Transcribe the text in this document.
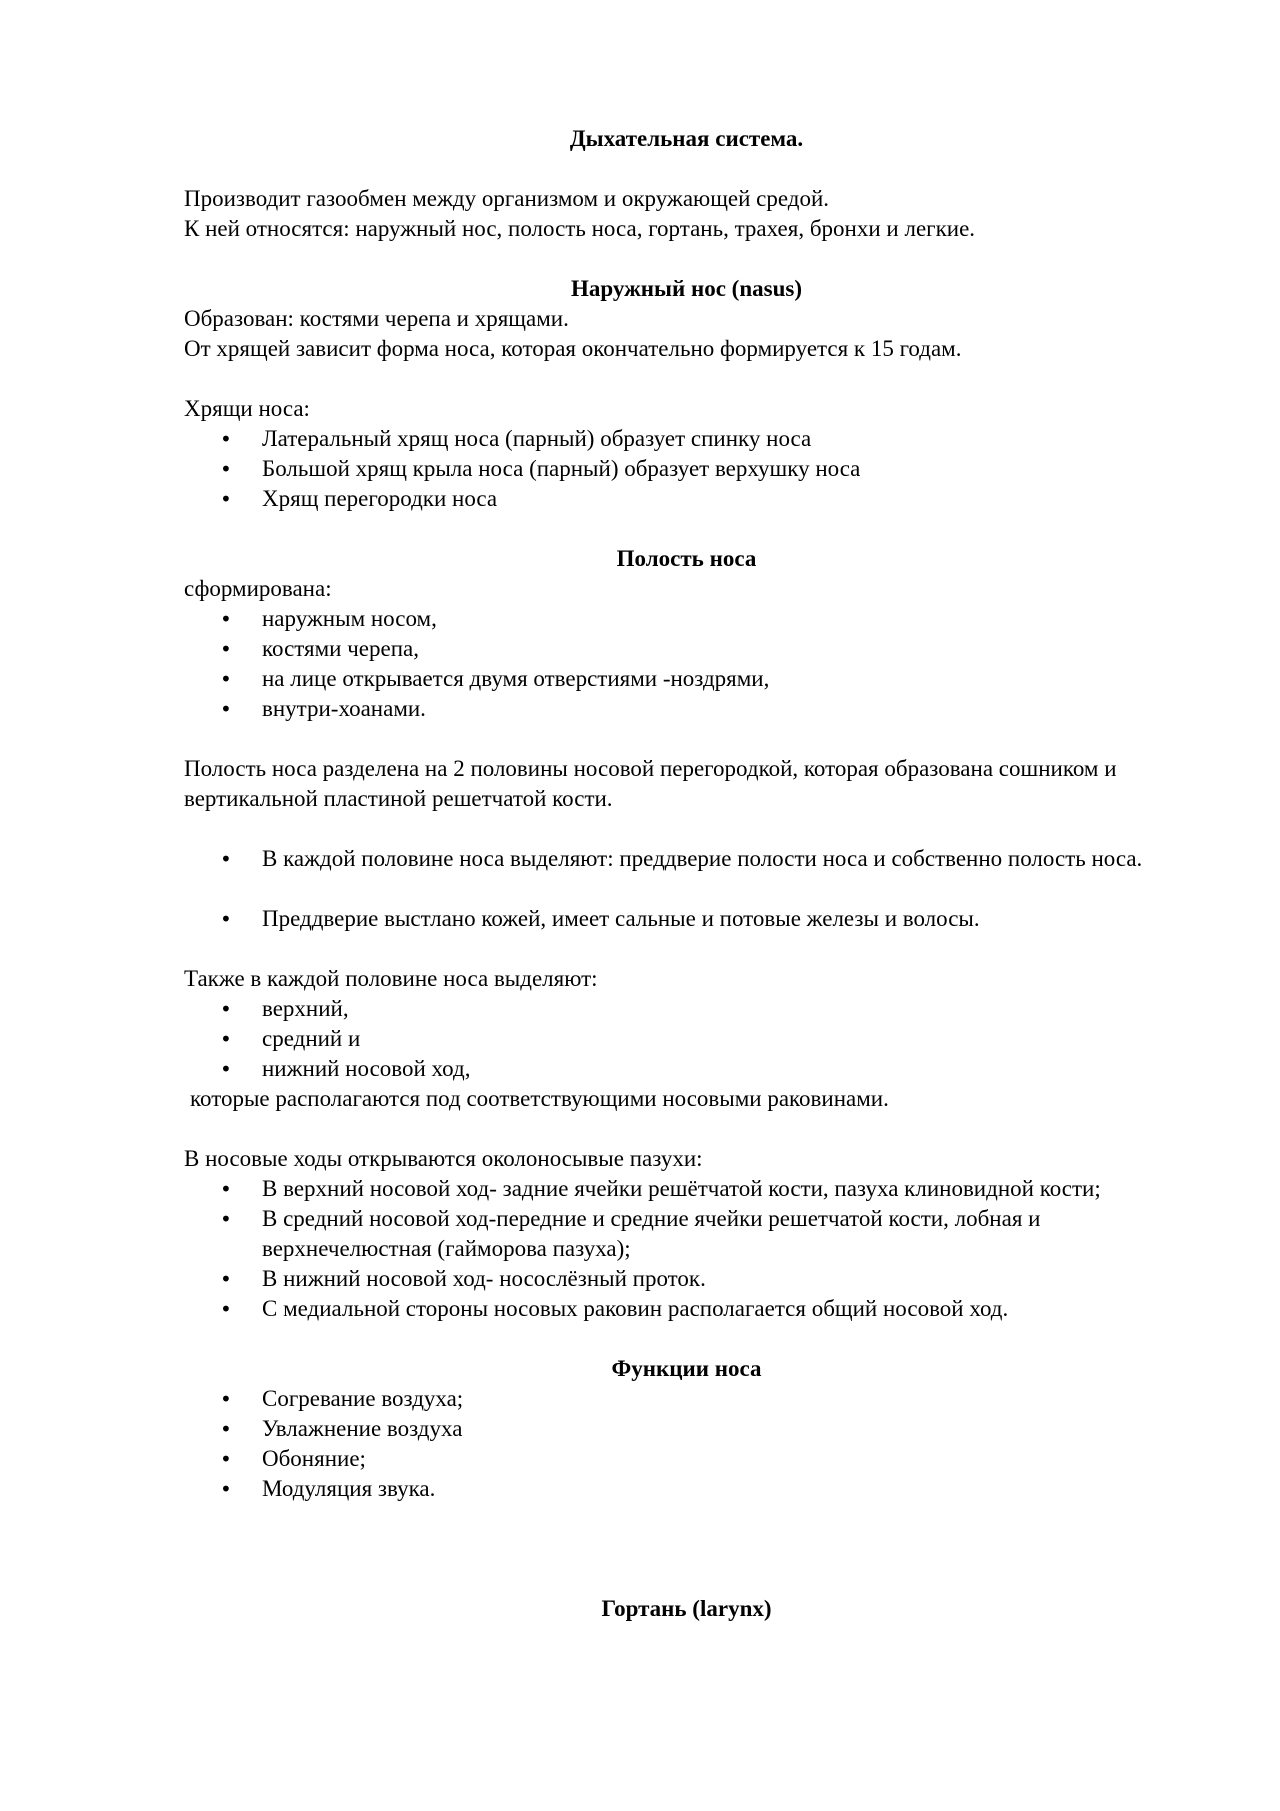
Дыхательная система.

Производит газообмен между организмом и окружающей средой.

К ней относятся: наружный нос, полость носа, гортань, трахея, бронхи и легкие.

Наружный нос (nasus)

Образован: костями черепа и хрящами.

От хрящей зависит форма носа, которая окончательно формируется к 15 годам.

Хрящи носа:

• Латеральный хрящ носа (парный) образует спинку носа
• Большой хрящ крыла носа (парный) образует верхушку носа
• Хрящ перегородки носа

Полость носа

сформирована:

• наружным носом,
• костями черепа,
• на лице открывается двумя отверстиями -ноздрями,
• внутри-хоанами.

Полость носа разделена на 2 половины носовой перегородкой, которая образована сошником и вертикальной пластиной решетчатой кости.

• В каждой половине носа выделяют: преддверие полости носа и собственно полость носа.
• Преддверие выстлано кожей, имеет сальные и потовые железы и волосы.

Также в каждой половине носа выделяют:

• верхний,
• средний и
• нижний носовой ход,

которые располагаются под соответствующими носовыми раковинами.

В носовые ходы открываются околоносывые пазухи:

• В верхний носовой ход- задние ячейки решётчатой кости, пазуха клиновидной кости;
• В средний носовой ход-передние и средние ячейки решетчатой кости, лобная и верхнечелюстная (гайморова пазуха);
• В нижний носовой ход- носослёзный проток.
• С медиальной стороны носовых раковин располагается общий носовой ход.

Функции носа

• Согревание воздуха;
• Увлажнение воздуха
• Обоняние;
• Модуляция звука.

Гортань (larynx)
